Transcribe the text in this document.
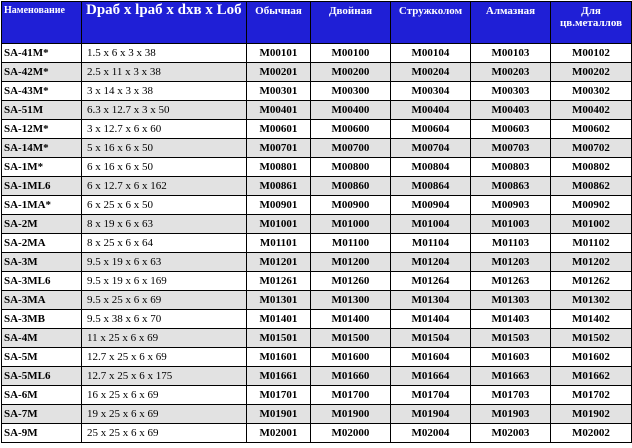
Наменование	Dраб x lраб x dхв x Lоб	Обычная	Двойная	Стружколом	Алмазная	Для цв.металлов
SA-41M*	1.5 x 6 x 3 x 38	M00101	M00100	M00104	M00103	M00102
SA-42M*	2.5 x 11 x 3 x 38	M00201	M00200	M00204	M00203	M00202
SA-43M*	3 x 14 x 3 x 38	M00301	M00300	M00304	M00303	M00302
SA-51M	6.3 x 12.7 x 3 x 50	M00401	M00400	M00404	M00403	M00402
SA-12M*	3 x 12.7 x 6 x 60	M00601	M00600	M00604	M00603	M00602
SA-14M*	5 x 16 x 6 x 50	M00701	M00700	M00704	M00703	M00702
SA-1M*	6 x 16 x 6 x 50	M00801	M00800	M00804	M00803	M00802
SA-1ML6	6 x 12.7 x 6 x 162	M00861	M00860	M00864	M00863	M00862
SA-1MA*	6 x 25 x 6 x 50	M00901	M00900	M00904	M00903	M00902
SA-2M	8 x 19 x 6 x 63	M01001	M01000	M01004	M01003	M01002
SA-2MA	8 x 25 x 6 x 64	M01101	M01100	M01104	M01103	M01102
SA-3M	9.5 x 19 x 6 x 63	M01201	M01200	M01204	M01203	M01202
SA-3ML6	9.5 x 19 x 6 x 169	M01261	M01260	M01264	M01263	M01262
SA-3MA	9.5 x 25 x 6 x 69	M01301	M01300	M01304	M01303	M01302
SA-3MB	9.5 x 38 x 6 x 70	M01401	M01400	M01404	M01403	M01402
SA-4M	11 x 25 x 6 x 69	M01501	M01500	M01504	M01503	M01502
SA-5M	12.7 x 25 x 6 x 69	M01601	M01600	M01604	M01603	M01602
SA-5ML6	12.7 x 25 x 6 x 175	M01661	M01660	M01664	M01663	M01662
SA-6M	16 x 25 x 6 x 69	M01701	M01700	M01704	M01703	M01702
SA-7M	19 x 25 x 6 x 69	M01901	M01900	M01904	M01903	M01902
SA-9M	25 x 25 x 6 x 69	M02001	M02000	M02004	M02003	M02002
